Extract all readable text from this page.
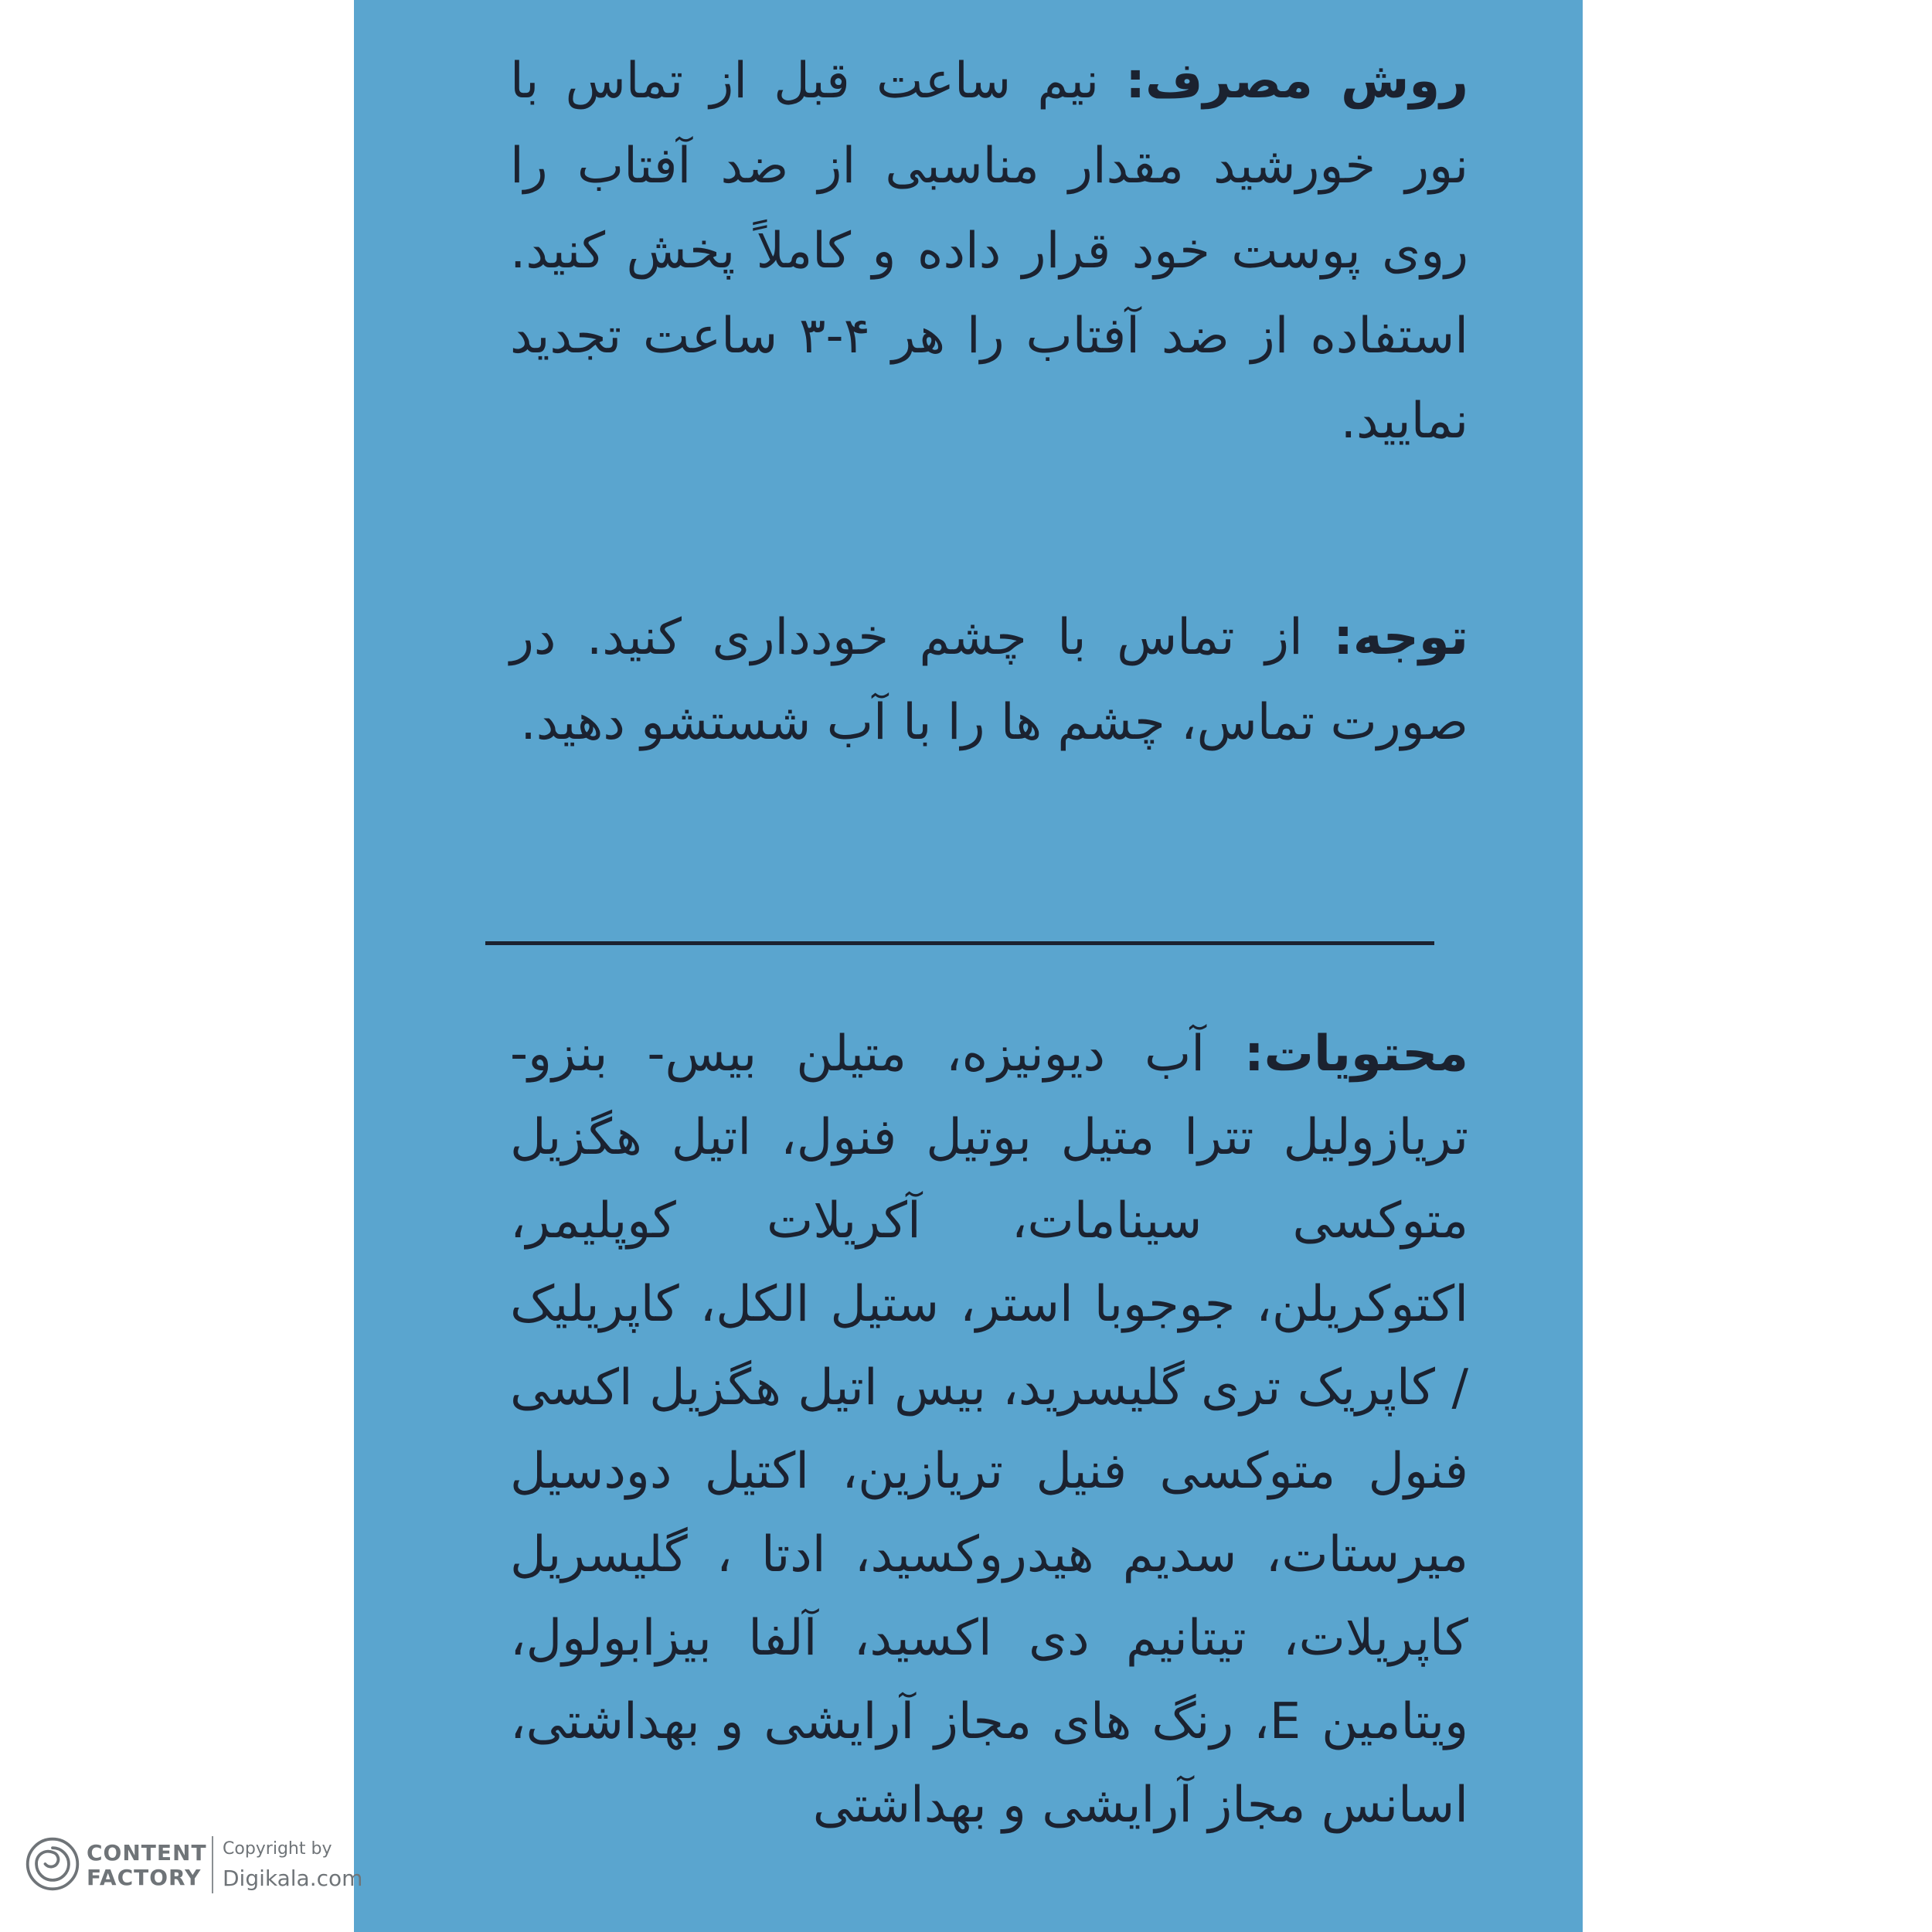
روش مصرف: نیم ساعت قبل از تماس با نور خورشید مقدار مناسبی از ضد آفتاب را روی پوست خود قرار داده و کاملاً پخش کنید. استفاده از ضد آفتاب را هر ۴-۳ ساعت تجدید نمایید.
توجه: از تماس با چشم خودداری کنید. در صورت تماس، چشم ها را با آب شستشو دهید.
محتویات: آب دیونیزه، متیلن بیس- بنزو- تریازولیل تترا متیل بوتیل فنول، اتیل هگزیل متوکسی سینامات، آکریلات کوپلیمر، اکتوکریلن، جوجوبا استر، ستیل الکل، کاپریلیک / کاپریک تری گلیسرید، بیس اتیل هگزیل اکسی فنول متوکسی فنیل تریازین، اکتیل دودسیل میرستات، سدیم هیدروکسید، ادتا ، گلیسریل کاپریلات، تیتانیم دی اکسید، آلفا بیزابولول، ویتامین E، رنگ های مجاز آرایشی و بهداشتی، اسانس مجاز آرایشی و بهداشتی
CONTENT
FACTORY
Copyright by
Digikala.com
